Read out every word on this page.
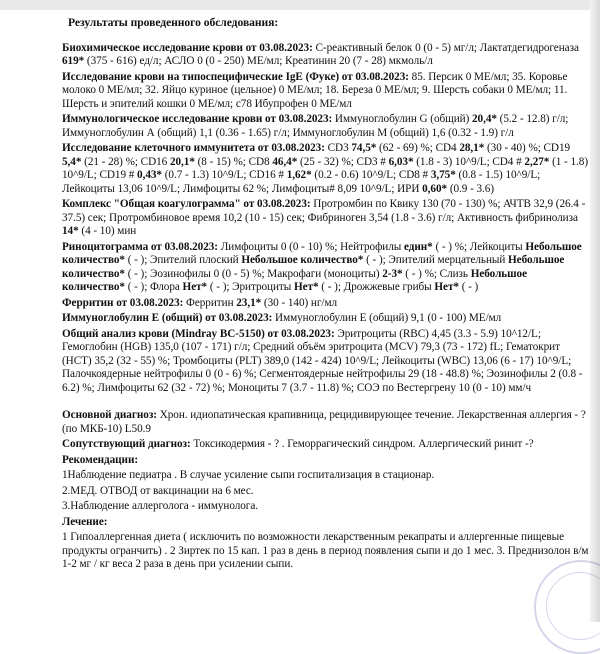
Результаты проведенного обследования:
Биохимическое исследование крови от 03.08.2023: С-реактивный белок 0 (0 - 5) мг/л; Лактатдегидрогеназа 619* (375 - 616) ед/л; АСЛО 0 (0 - 250) МЕ/мл; Креатинин 20 (7 - 28) мкмоль/л
Исследование крови на типоспецифические IgE (Фуке) от 03.08.2023: 85. Персик 0 МЕ/мл; 35. Коровье молоко 0 МЕ/мл; 32. Яйцо куриное (цельное) 0 МЕ/мл; 18. Береза 0 МЕ/мл; 9. Шерсть собаки 0 МЕ/мл; 11. Шерсть и эпителий кошки 0 МЕ/мл; с78 Ибупрофен 0 МЕ/мл
Иммунологическое исследование крови от 03.08.2023: Иммуноглобулин G (общий) 20,4* (5.2 - 12.8) г/л; Иммуноглобулин А (общий) 1,1 (0.36 - 1.65) г/л; Иммуноглобулин М (общий) 1,6 (0.32 - 1.9) г/л
Исследование клеточного иммунитета от 03.08.2023: CD3 74,5* (62 - 69) %; CD4 28,1* (30 - 40) %; CD19 5,4* (21 - 28) %; CD16 20,1* (8 - 15) %; CD8 46,4* (25 - 32) %; CD3 # 6,03* (1.8 - 3) 10^9/L; CD4 # 2,27* (1 - 1.8) 10^9/L; CD19 # 0,43* (0.7 - 1.3) 10^9/L; CD16 # 1,62* (0.2 - 0.6) 10^9/L; CD8 # 3,75* (0.8 - 1.5) 10^9/L; Лейкоциты 13,06 10^9/L; Лимфоциты 62 %; Лимфоциты# 8,09 10^9/L; ИРИ 0,60* (0.9 - 3.6)
Комплекс "Общая коагулограмма" от 03.08.2023: Протромбин по Квику 130 (70 - 130) %; АЧТВ 32,9 (26.4 - 37.5) сек; Протромбиновое время 10,2 (10 - 15) сек; Фибриноген 3,54 (1.8 - 3.6) г/л; Активность фибринолиза 14* (4 - 10) мин
Риноцитограмма от 03.08.2023: Лимфоциты 0 (0 - 10) %; Нейтрофилы един* ( - ) %; Лейкоциты Небольшое количество* ( - ); Эпителий плоский Небольшое количество* ( - ); Эпителий мерцательный Небольшое количество* ( - ); Эозинофилы 0 (0 - 5) %; Макрофаги (моноциты) 2-3* ( - ) %; Слизь Небольшое количество* ( - ); Флора Нет* ( - ); Эритроциты Нет* ( - ); Дрожжевые грибы Нет* ( - )
Ферритин от 03.08.2023: Ферритин 23,1* (30 - 140) нг/мл
Иммуноглобулин Е (общий) от 03.08.2023: Иммуноглобулин Е (общий) 9,1 (0 - 100) МЕ/мл
Общий анализ крови (Mindray BC-5150) от 03.08.2023: Эритроциты (RBC) 4,45 (3.3 - 5.9) 10^12/L; Гемоглобин (HGB) 135,0 (107 - 171) г/л; Средний объём эритроцита (MCV) 79,3 (73 - 172) fL; Гематокрит (HCT) 35,2 (32 - 55) %; Тромбоциты (PLT) 389,0 (142 - 424) 10^9/L; Лейкоциты (WBC) 13,06 (6 - 17) 10^9/L; Палочкоядерные нейтрофилы 0 (0 - 6) %; Сегментоядерные нейтрофилы 29 (18 - 48.8) %; Эозинофилы 2 (0.8 - 6.2) %; Лимфоциты 62 (32 - 72) %; Моноциты 7 (3.7 - 11.8) %; СОЭ по Вестергрену 10 (0 - 10) мм/ч
Основной диагноз: Хрон. идиопатическая крапивница, рецидивирующее течение. Лекарственная аллергия - ? (по МКБ-10) L50.9
Сопутствующий диагноз: Токсикодермия - ? . Геморрагический синдром. Аллергический ринит -?
Рекомендации:
1Наблюдение педиатра . В случае усиление сыпи госпитализация в стационар.
2.МЕД. ОТВОД от вакцинации на 6 мес.
3.Наблюдение аллерголога - иммунолога.
Лечение:
1 Гипоаллергенная диета ( исключить по возможности лекарственным рекапраты и аллергенные пищевые продукты огранчить) . 2 Зиртек по 15 кап. 1 раз в день в период появления сыпи и до 1 мес. 3. Преднизолон в/м 1-2 мг / кг веса 2 раза в день при усилении сыпи.
